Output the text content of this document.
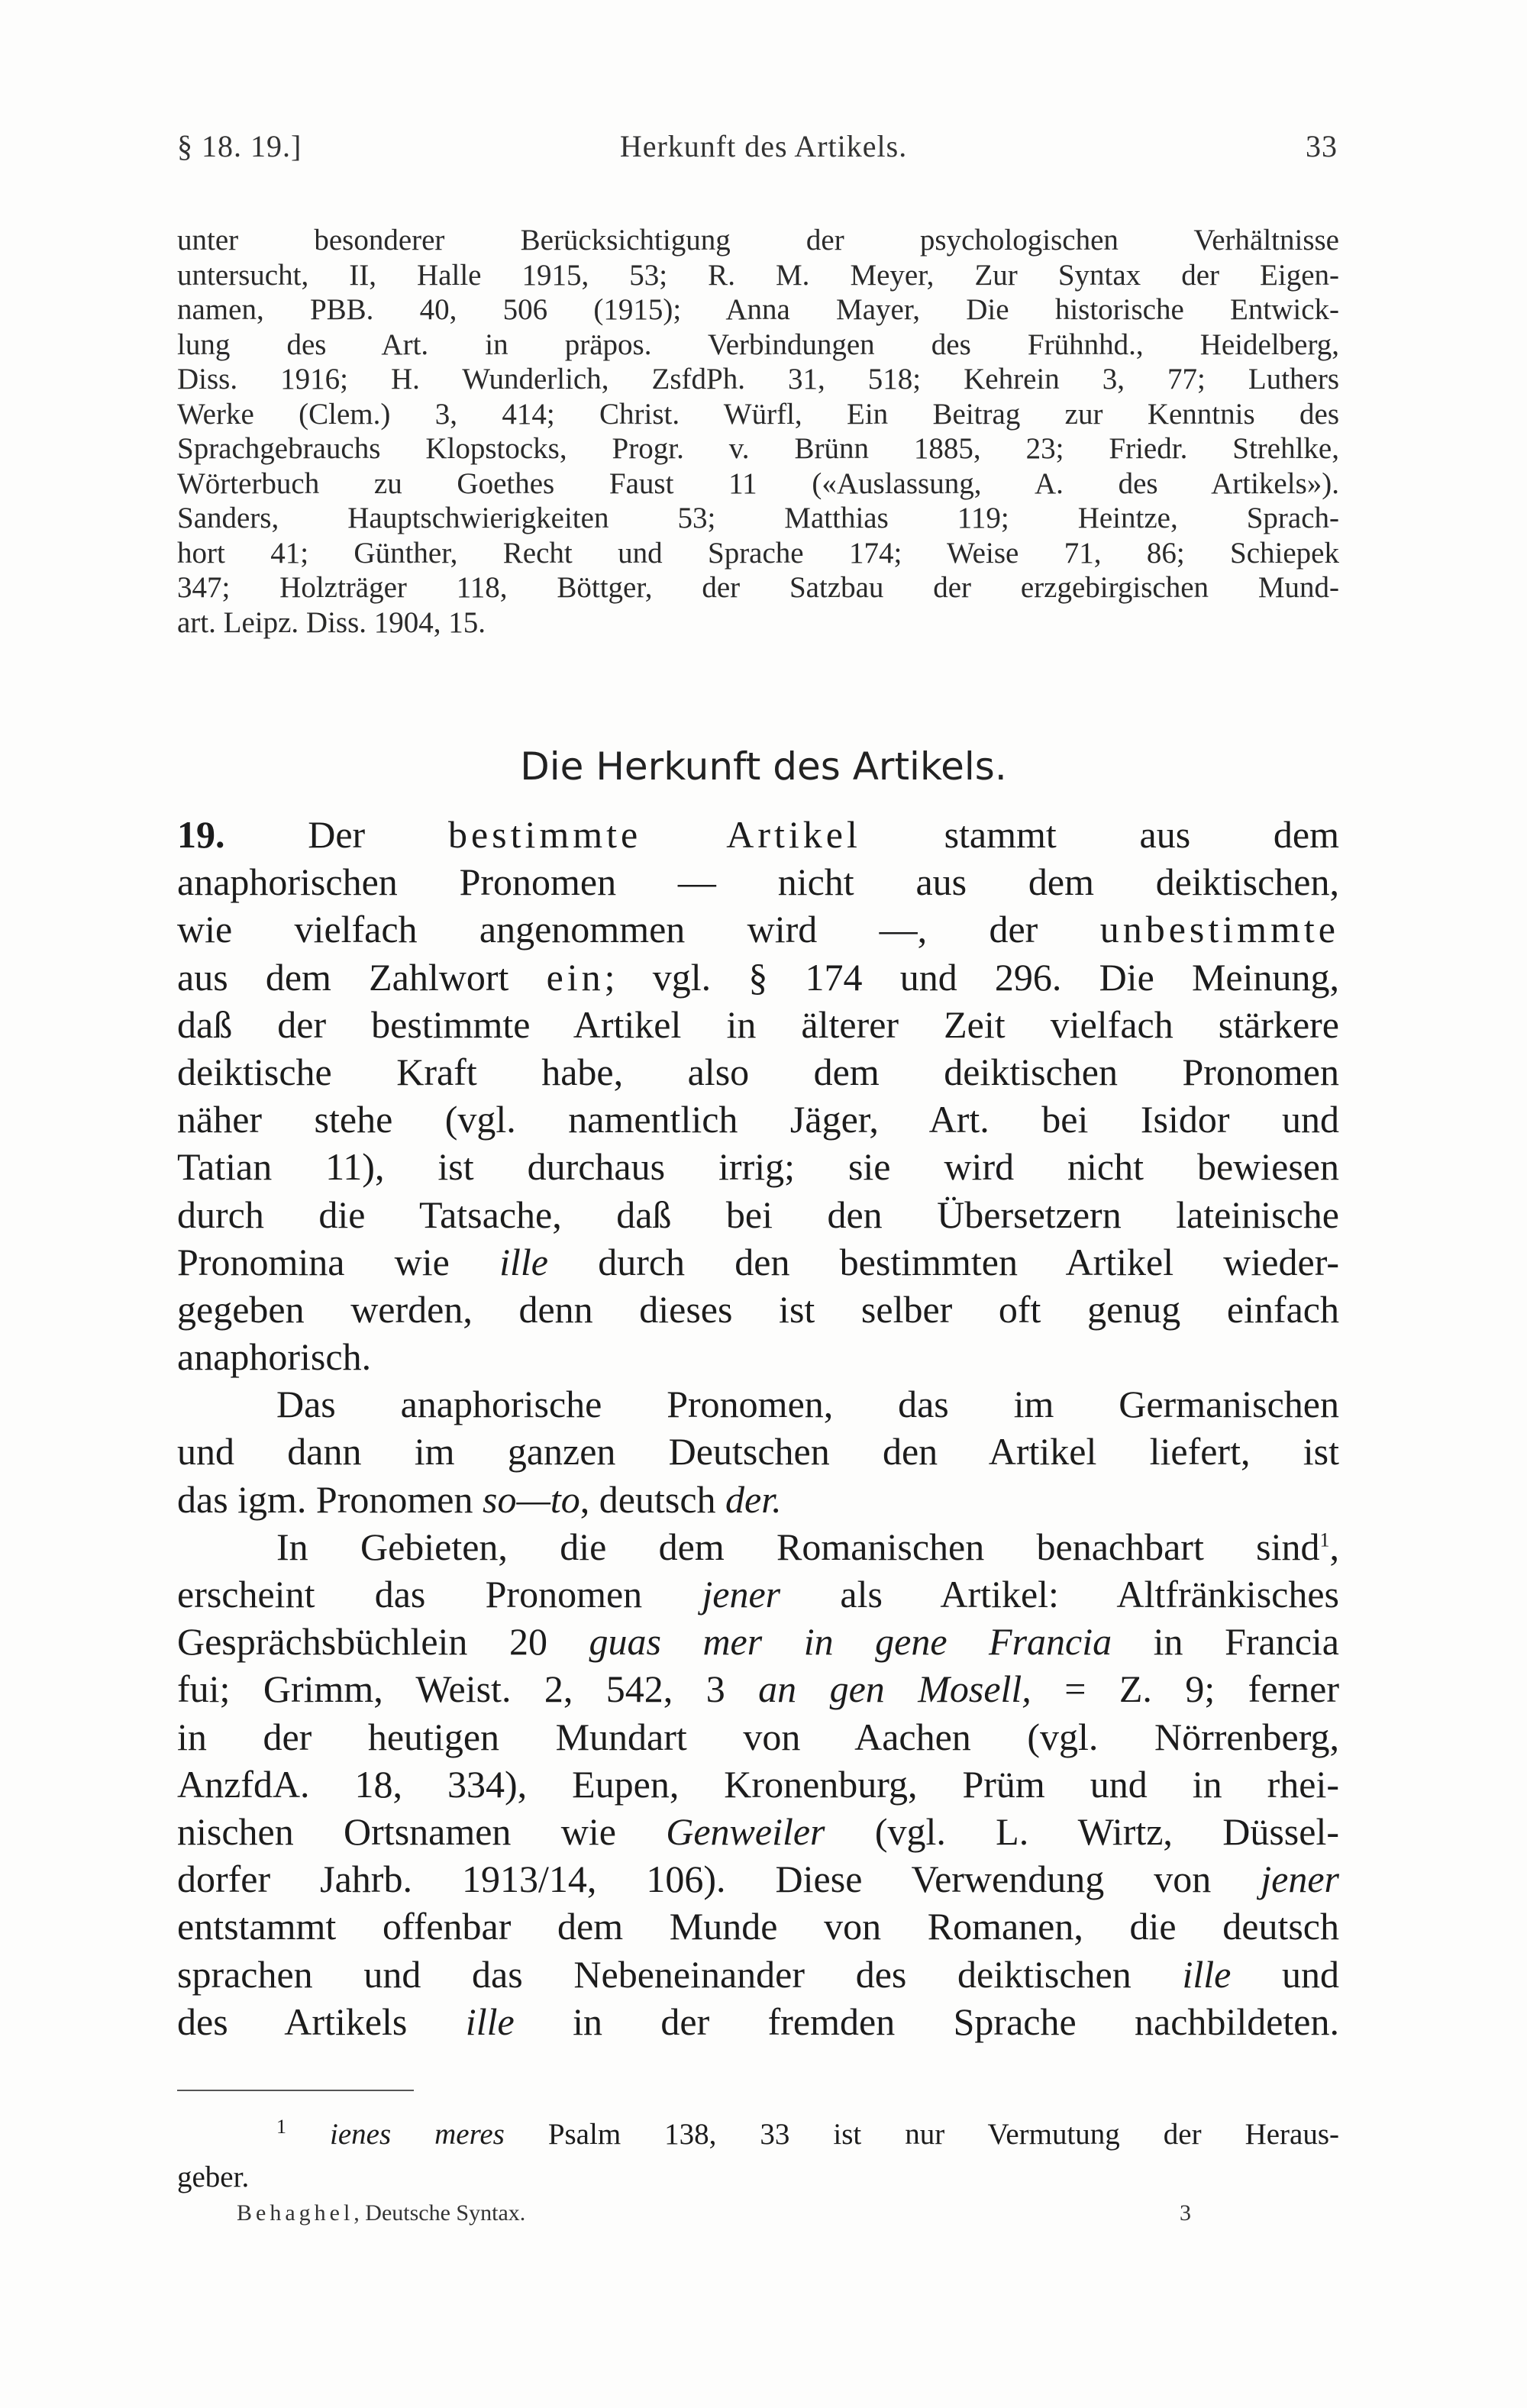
§ 18. 19.]	Herkunft des Artikels.	33
unter besonderer Berücksichtigung der psychologischen Verhältnisse
untersucht, II, Halle 1915, 53; R. M. Meyer, Zur Syntax der Eigen-
namen, PBB. 40, 506 (1915); Anna Mayer, Die historische Entwick-
lung des Art. in präpos. Verbindungen des Frühnhd., Heidelberg,
Diss. 1916; H. Wunderlich, ZsfdPh. 31, 518; Kehrein 3, 77; Luthers
Werke (Clem.) 3, 414; Christ. Würfl, Ein Beitrag zur Kenntnis des
Sprachgebrauchs Klopstocks, Progr. v. Brünn 1885, 23; Friedr. Strehlke,
Wörterbuch zu Goethes Faust 11 («Auslassung, A. des Artikels»).
Sanders, Hauptschwierigkeiten 53; Matthias 119; Heintze, Sprach-
hort 41; Günther, Recht und Sprache 174; Weise 71, 86; Schiepek
347; Holzträger 118, Böttger, der Satzbau der erzgebirgischen Mund-
art. Leipz. Diss. 1904, 15.
Die Herkunft des Artikels.
19. Der bestimmte Artikel stammt aus dem
anaphorischen Pronomen — nicht aus dem deiktischen,
wie vielfach angenommen wird —, der unbestimmte
aus dem Zahlwort ein; vgl. § 174 und 296. Die Meinung,
daß der bestimmte Artikel in älterer Zeit vielfach stärkere
deiktische Kraft habe, also dem deiktischen Pronomen
näher stehe (vgl. namentlich Jäger, Art. bei Isidor und
Tatian 11), ist durchaus irrig; sie wird nicht bewiesen
durch die Tatsache, daß bei den Übersetzern lateinische
Pronomina wie ille durch den bestimmten Artikel wieder-
gegeben werden, denn dieses ist selber oft genug einfach
anaphorisch.
Das anaphorische Pronomen, das im Germanischen
und dann im ganzen Deutschen den Artikel liefert, ist
das igm. Pronomen so—to, deutsch der.
In Gebieten, die dem Romanischen benachbart sind$^1$,
erscheint das Pronomen jener als Artikel: Altfränkisches
Gesprächsbüchlein 20 guas mer in gene Francia in Francia
fui; Grimm, Weist. 2, 542, 3 an gen Mosell, = Z. 9; ferner
in der heutigen Mundart von Aachen (vgl. Nörrenberg,
AnzfdA. 18, 334), Eupen, Kronenburg, Prüm und in rhei-
nischen Ortsnamen wie Genweiler (vgl. L. Wirtz, Düssel-
dorfer Jahrb. 1913/14, 106). Diese Verwendung von jener
entstammt offenbar dem Munde von Romanen, die deutsch
sprachen und das Nebeneinander des deiktischen ille und
des Artikels ille in der fremden Sprache nachbildeten.
$^1$ ienes meres Psalm 138, 33 ist nur Vermutung der Heraus-
geber.
Behaghel, Deutsche Syntax.	3
